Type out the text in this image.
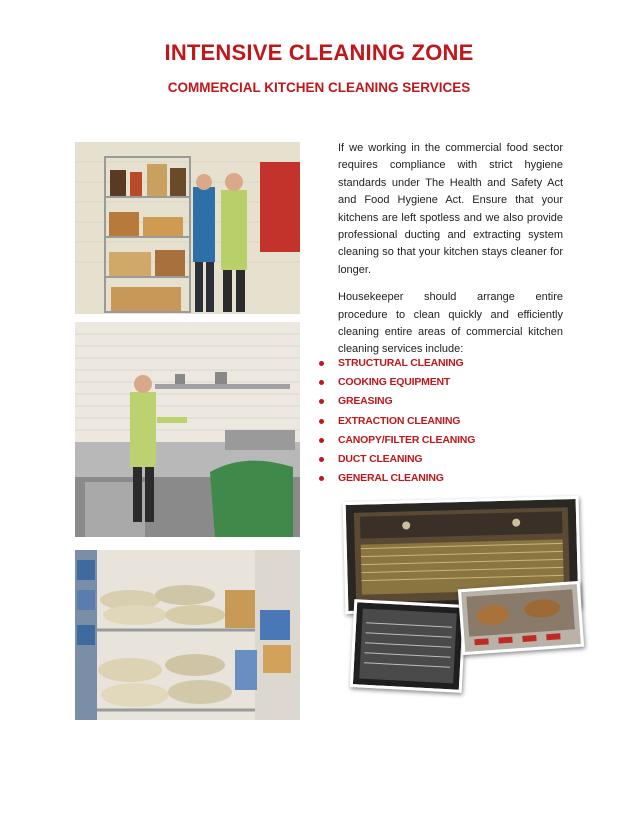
INTENSIVE CLEANING ZONE
COMMERCIAL KITCHEN CLEANING SERVICES

If we working in the commercial food sector requires compliance with strict hygiene standards under The Health and Safety Act and Food Hygiene Act. Ensure that your kitchens are left spotless and we also provide professional ducting and extracting system cleaning so that your kitchen stays cleaner for longer.

Housekeeper should arrange entire procedure to clean quickly and efficiently cleaning entire areas of commercial kitchen cleaning services include:

STRUCTURAL CLEANING
COOKING EQUIPMENT
GREASING
EXTRACTION CLEANING
CANOPY/FILTER CLEANING
DUCT CLEANING
GENERAL CLEANING
